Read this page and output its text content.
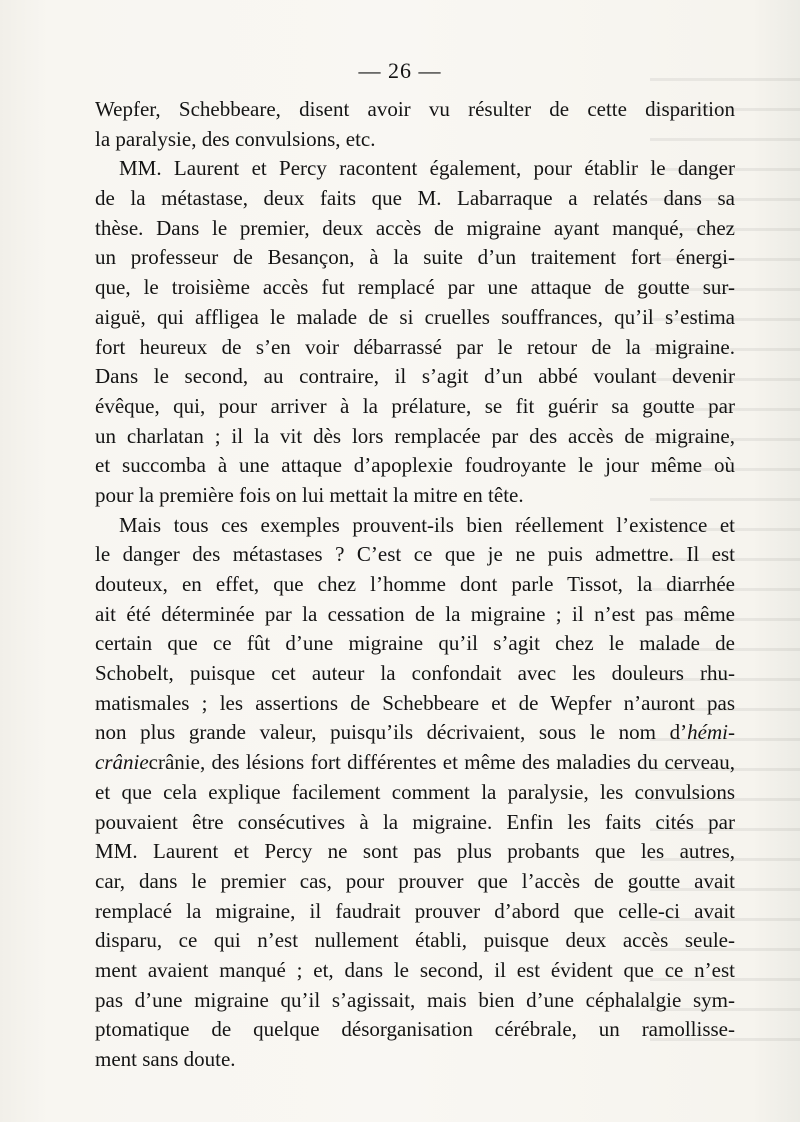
— 26 —

Wepfer, Schebbeare, disent avoir vu résulter de cette disparition
la paralysie, des convulsions, etc.

MM. Laurent et Percy racontent également, pour établir le danger
de la métastase, deux faits que M. Labarraque a relatés dans sa
thèse. Dans le premier, deux accès de migraine ayant manqué, chez
un professeur de Besançon, à la suite d’un traitement fort énergi-
que, le troisième accès fut remplacé par une attaque de goutte sur-
aiguë, qui affligea le malade de si cruelles souffrances, qu’il s’estima
fort heureux de s’en voir débarrassé par le retour de la migraine.
Dans le second, au contraire, il s’agit d’un abbé voulant devenir
évêque, qui, pour arriver à la prélature, se fit guérir sa goutte par
un charlatan ; il la vit dès lors remplacée par des accès de migraine,
et succomba à une attaque d’apoplexie foudroyante le jour même où
pour la première fois on lui mettait la mitre en tête.

Mais tous ces exemples prouvent-ils bien réellement l’existence et
le danger des métastases ? C’est ce que je ne puis admettre. Il est
douteux, en effet, que chez l’homme dont parle Tissot, la diarrhée
ait été déterminée par la cessation de la migraine ; il n’est pas même
certain que ce fût d’une migraine qu’il s’agit chez le malade de
Schobelt, puisque cet auteur la confondait avec les douleurs rhu-
matismales ; les assertions de Schebbeare et de Wepfer n’auront pas
non plus grande valeur, puisqu’ils décrivaient, sous le nom d’hémi-
crâniecrânie, des lésions fort différentes et même des maladies du cerveau,
et que cela explique facilement comment la paralysie, les convulsions
pouvaient être consécutives à la migraine. Enfin les faits cités par
MM. Laurent et Percy ne sont pas plus probants que les autres,
car, dans le premier cas, pour prouver que l’accès de goutte avait
remplacé la migraine, il faudrait prouver d’abord que celle-ci avait
disparu, ce qui n’est nullement établi, puisque deux accès seule-
ment avaient manqué ; et, dans le second, il est évident que ce n’est
pas d’une migraine qu’il s’agissait, mais bien d’une céphalalgie sym-
ptomatique de quelque désorganisation cérébrale, un ramollisse-
ment sans doute.
